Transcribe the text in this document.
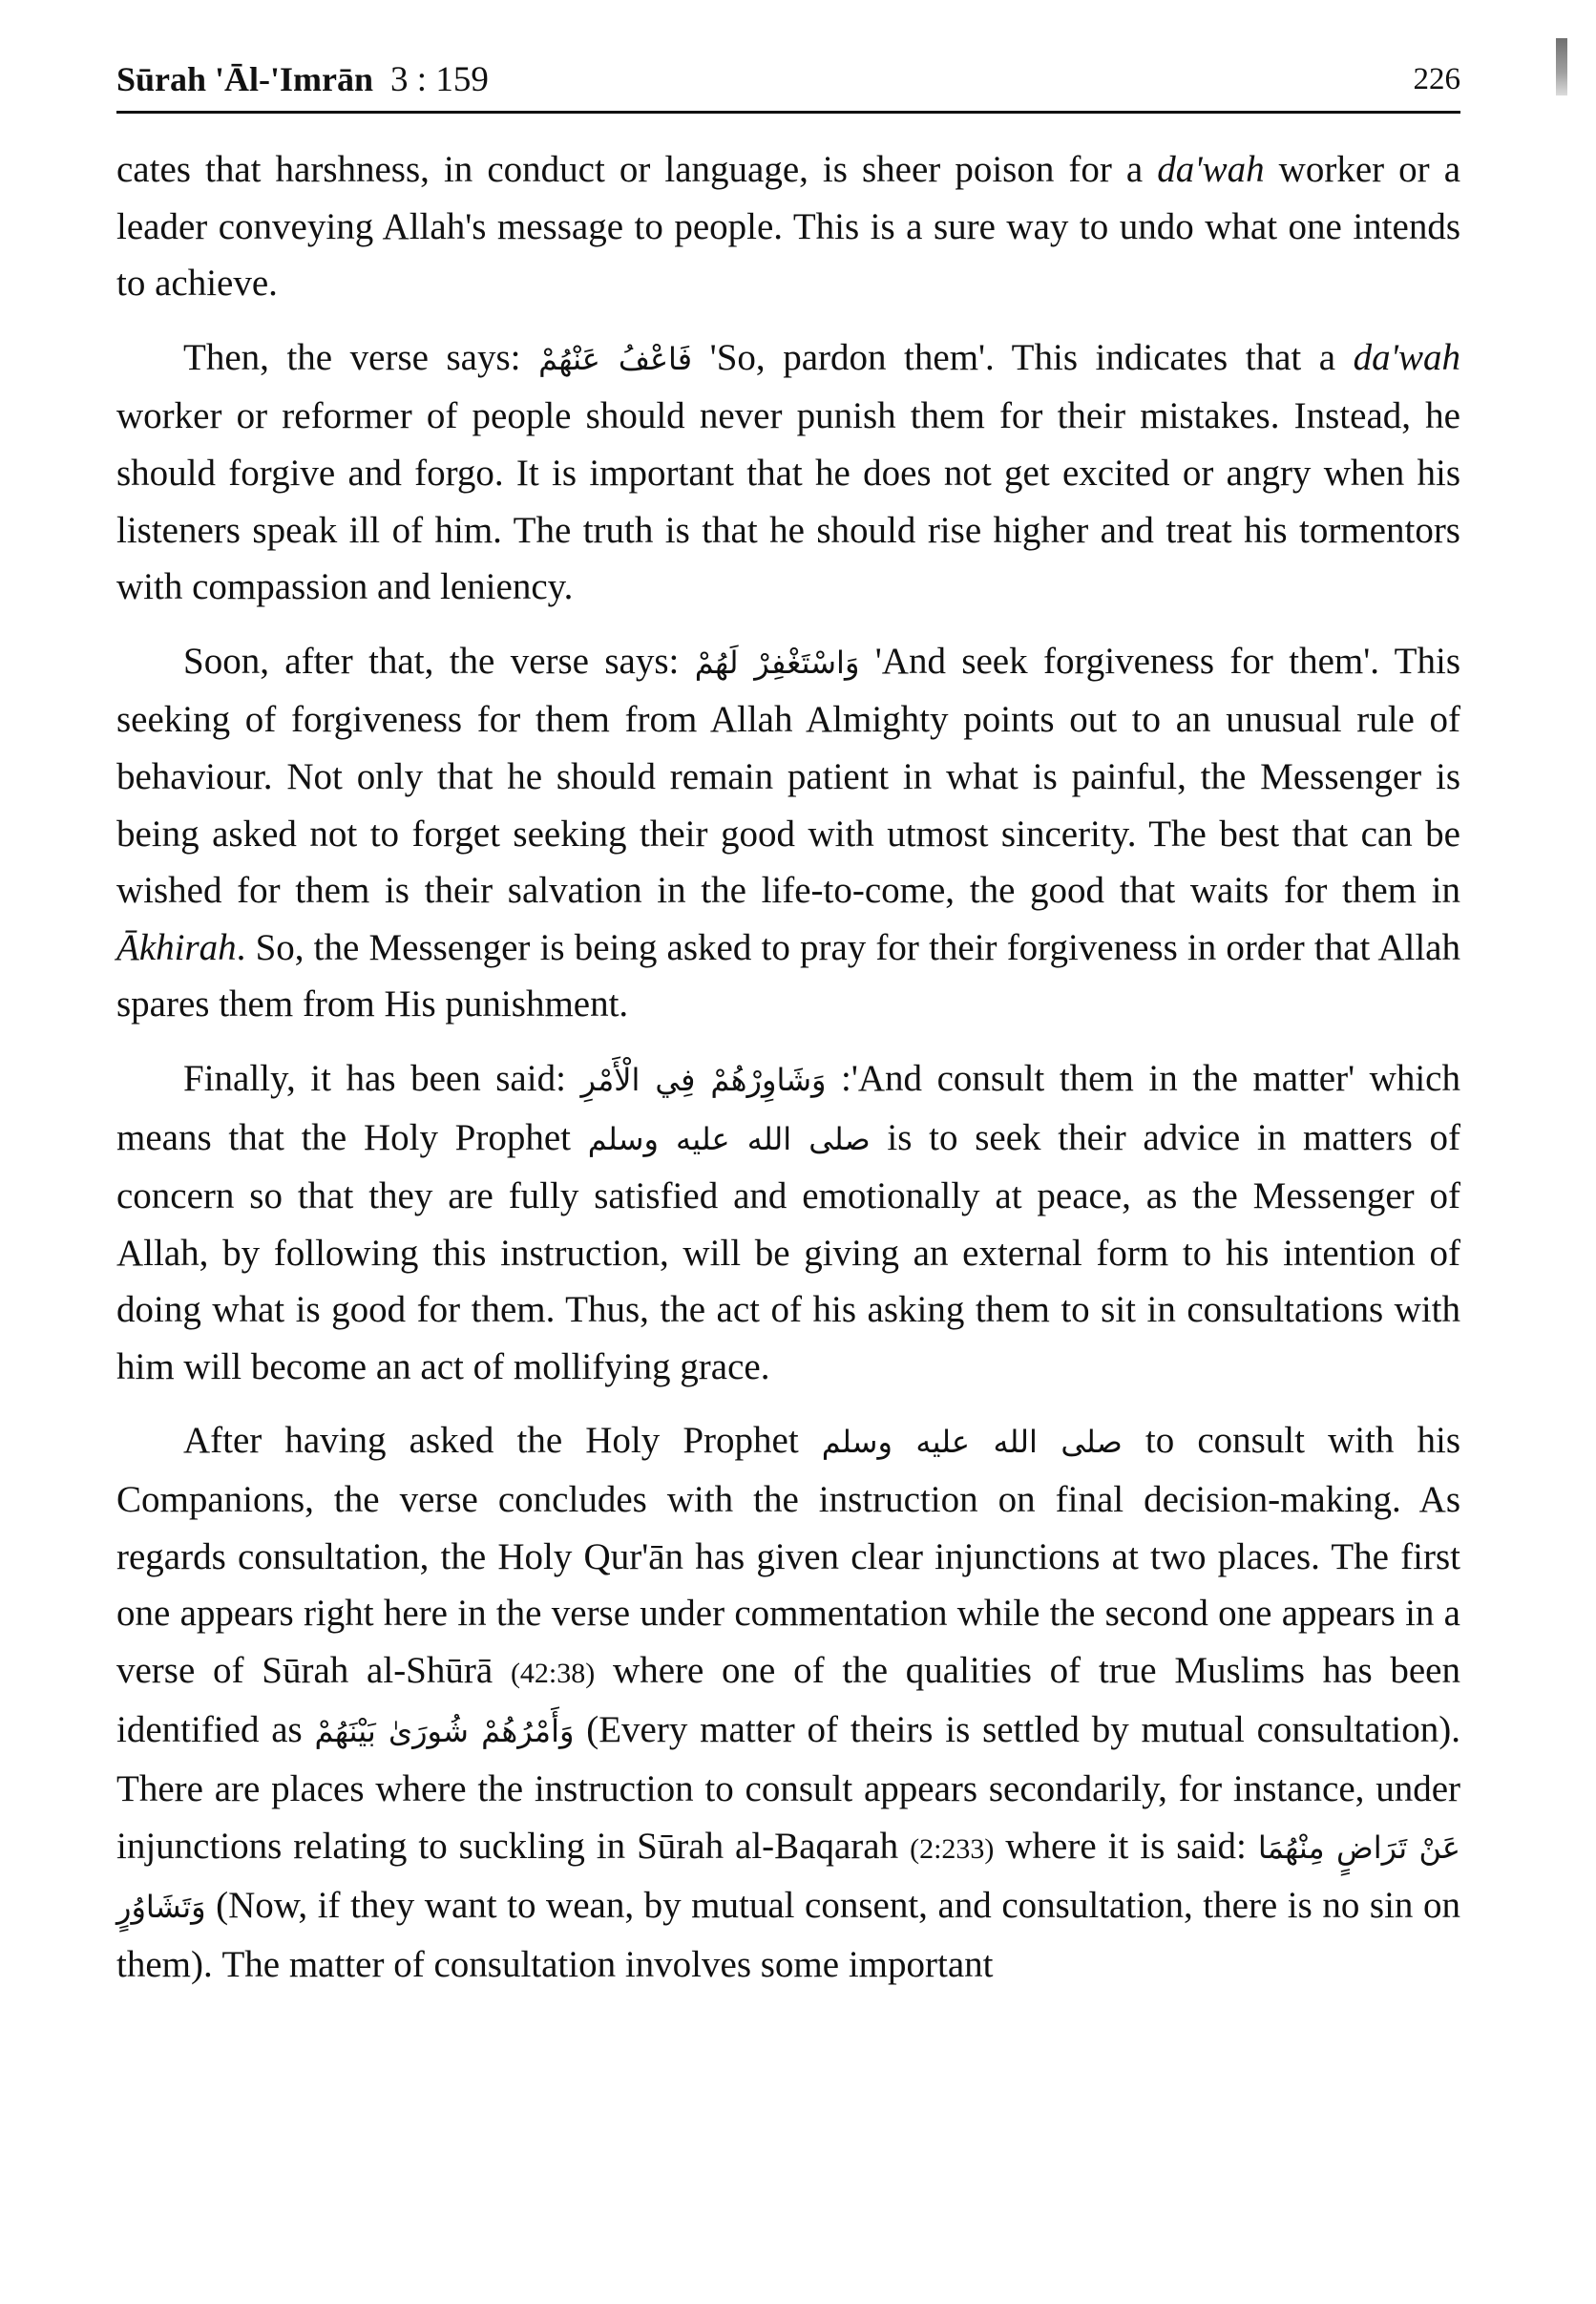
Sūrah 'Āl-'Imrān 3 : 159	226

cates that harshness, in conduct or language, is sheer poison for a da'wah worker or a leader conveying Allah's message to people. This is a sure way to undo what one intends to achieve.

Then, the verse says: فَاعْفُ عَنْهُمْ 'So, pardon them'. This indicates that a da'wah worker or reformer of people should never punish them for their mistakes. Instead, he should forgive and forgo. It is important that he does not get excited or angry when his listeners speak ill of him. The truth is that he should rise higher and treat his tormentors with compassion and leniency.

Soon, after that, the verse says: وَاسْتَغْفِرْ لَهُمْ 'And seek forgiveness for them'. This seeking of forgiveness for them from Allah Almighty points out to an unusual rule of behaviour. Not only that he should remain patient in what is painful, the Messenger is being asked not to forget seeking their good with utmost sincerity. The best that can be wished for them is their salvation in the life-to-come, the good that waits for them in Ākhirah. So, the Messenger is being asked to pray for their forgiveness in order that Allah spares them from His punishment.

Finally, it has been said: وَشَاوِرْهُمْ فِي الْأَمْرِ :'And consult them in the matter' which means that the Holy Prophet صلى الله عليه وسلم is to seek their advice in matters of concern so that they are fully satisfied and emotionally at peace, as the Messenger of Allah, by following this instruction, will be giving an external form to his intention of doing what is good for them. Thus, the act of his asking them to sit in consultations with him will become an act of mollifying grace.

After having asked the Holy Prophet صلى الله عليه وسلم to consult with his Companions, the verse concludes with the instruction on final decision-making. As regards consultation, the Holy Qur'ān has given clear injunctions at two places. The first one appears right here in the verse under commentation while the second one appears in a verse of Sūrah al-Shūrā (42:38) where one of the qualities of true Muslims has been identified as وَأَمْرُهُمْ شُورَىٰ بَيْنَهُمْ (Every matter of theirs is settled by mutual consultation). There are places where the instruction to consult appears secondarily, for instance, under injunctions relating to suckling in Sūrah al-Baqarah (2:233) where it is said: عَنْ تَرَاضٍ مِنْهُمَا وَتَشَاوُرٍ (Now, if they want to wean, by mutual consent, and consultation, there is no sin on them). The matter of consultation involves some important
